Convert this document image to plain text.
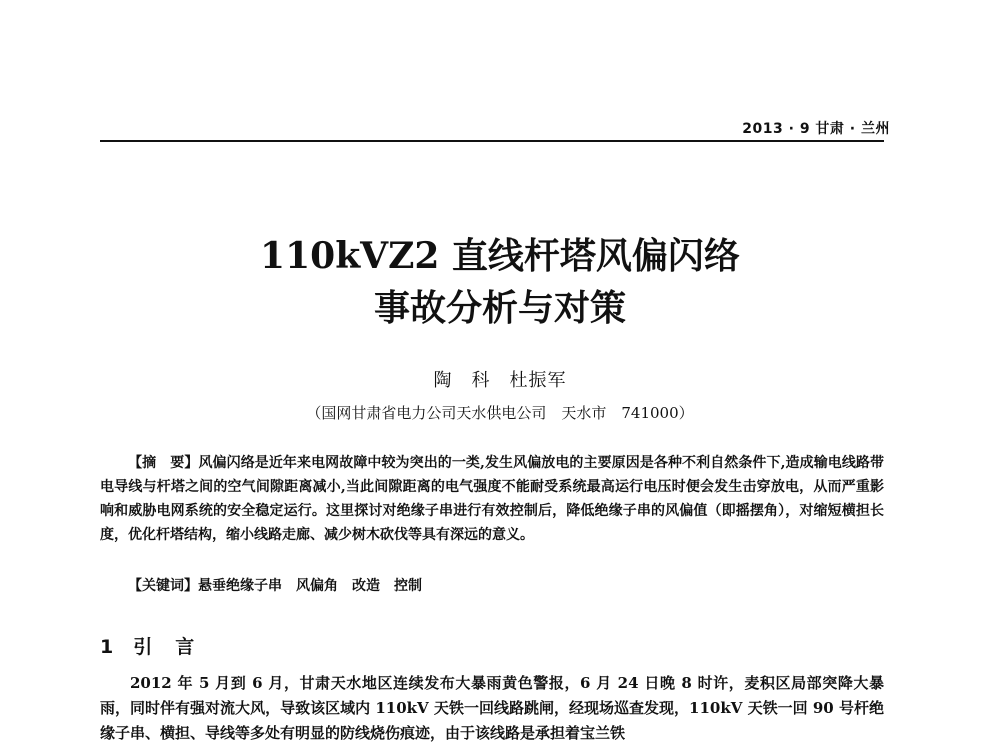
2013 · 9 甘肃 · 兰州
110kVZ2 直线杆塔风偏闪络
事故分析与对策
陶　科　杜振军
（国网甘肃省电力公司天水供电公司　天水市　741000）
【摘　要】风偏闪络是近年来电网故障中较为突出的一类,发生风偏放电的主要原因是各种不利自然条件下,造成输电线路带电导线与杆塔之间的空气间隙距离减小,当此间隙距离的电气强度不能耐受系统最高运行电压时便会发生击穿放电，从而严重影响和威胁电网系统的安全稳定运行。这里探讨对绝缘子串进行有效控制后，降低绝缘子串的风偏值（即摇摆角），对缩短横担长度，优化杆塔结构，缩小线路走廊、减少树木砍伐等具有深远的意义。
【关键词】悬垂绝缘子串　风偏角　改造　控制
1 引　言
2012 年 5 月到 6 月，甘肃天水地区连续发布大暴雨黄色警报，6 月 24 日晚 8 时许，麦积区局部突降大暴雨，同时伴有强对流大风，导致该区域内 110kV 天铁一回线路跳闸，经现场巡查发现，110kV 天铁一回 90 号杆绝缘子串、横担、导线等多处有明显的防线烧伤痕迹，由于该线路是承担着宝兰铁
